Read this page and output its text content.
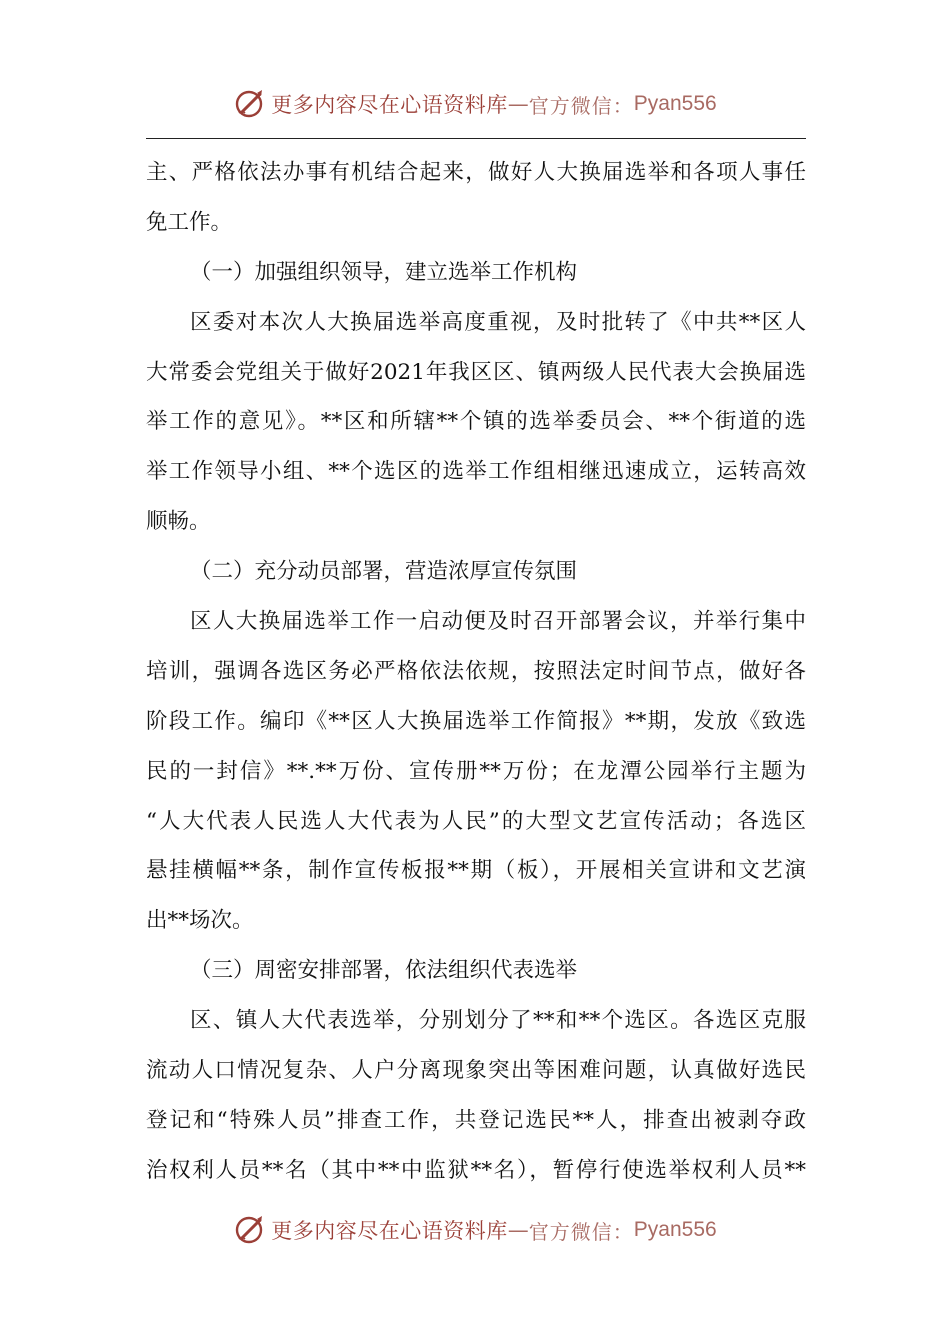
更多内容尽在心语资料库 — 官方微信： Pyan556
主、严格依法办事有机结合起来，做好人大换届选举和各项人事任
免工作。
（一）加强组织领导，建立选举工作机构
区委对本次人大换届选举高度重视，及时批转了《中共**区人
大常委会党组关于做好2021年我区区、镇两级人民代表大会换届选
举工作的意见》。**区和所辖**个镇的选举委员会、**个街道的选
举工作领导小组、**个选区的选举工作组相继迅速成立，运转高效
顺畅。
（二）充分动员部署，营造浓厚宣传氛围
区人大换届选举工作一启动便及时召开部署会议，并举行集中
培训，强调各选区务必严格依法依规，按照法定时间节点，做好各
阶段工作。编印《**区人大换届选举工作简报》**期，发放《致选
民的一封信》**.**万份、宣传册**万份；在龙潭公园举行主题为
“人大代表人民选人大代表为人民”的大型文艺宣传活动；各选区
悬挂横幅**条，制作宣传板报**期（板），开展相关宣讲和文艺演
出**场次。
（三）周密安排部署，依法组织代表选举
区、镇人大代表选举，分别划分了**和**个选区。各选区克服
流动人口情况复杂、人户分离现象突出等困难问题，认真做好选民
登记和“特殊人员”排查工作，共登记选民**人，排查出被剥夺政
治权利人员**名（其中**中监狱**名），暂停行使选举权利人员**
更多内容尽在心语资料库 — 官方微信： Pyan556
